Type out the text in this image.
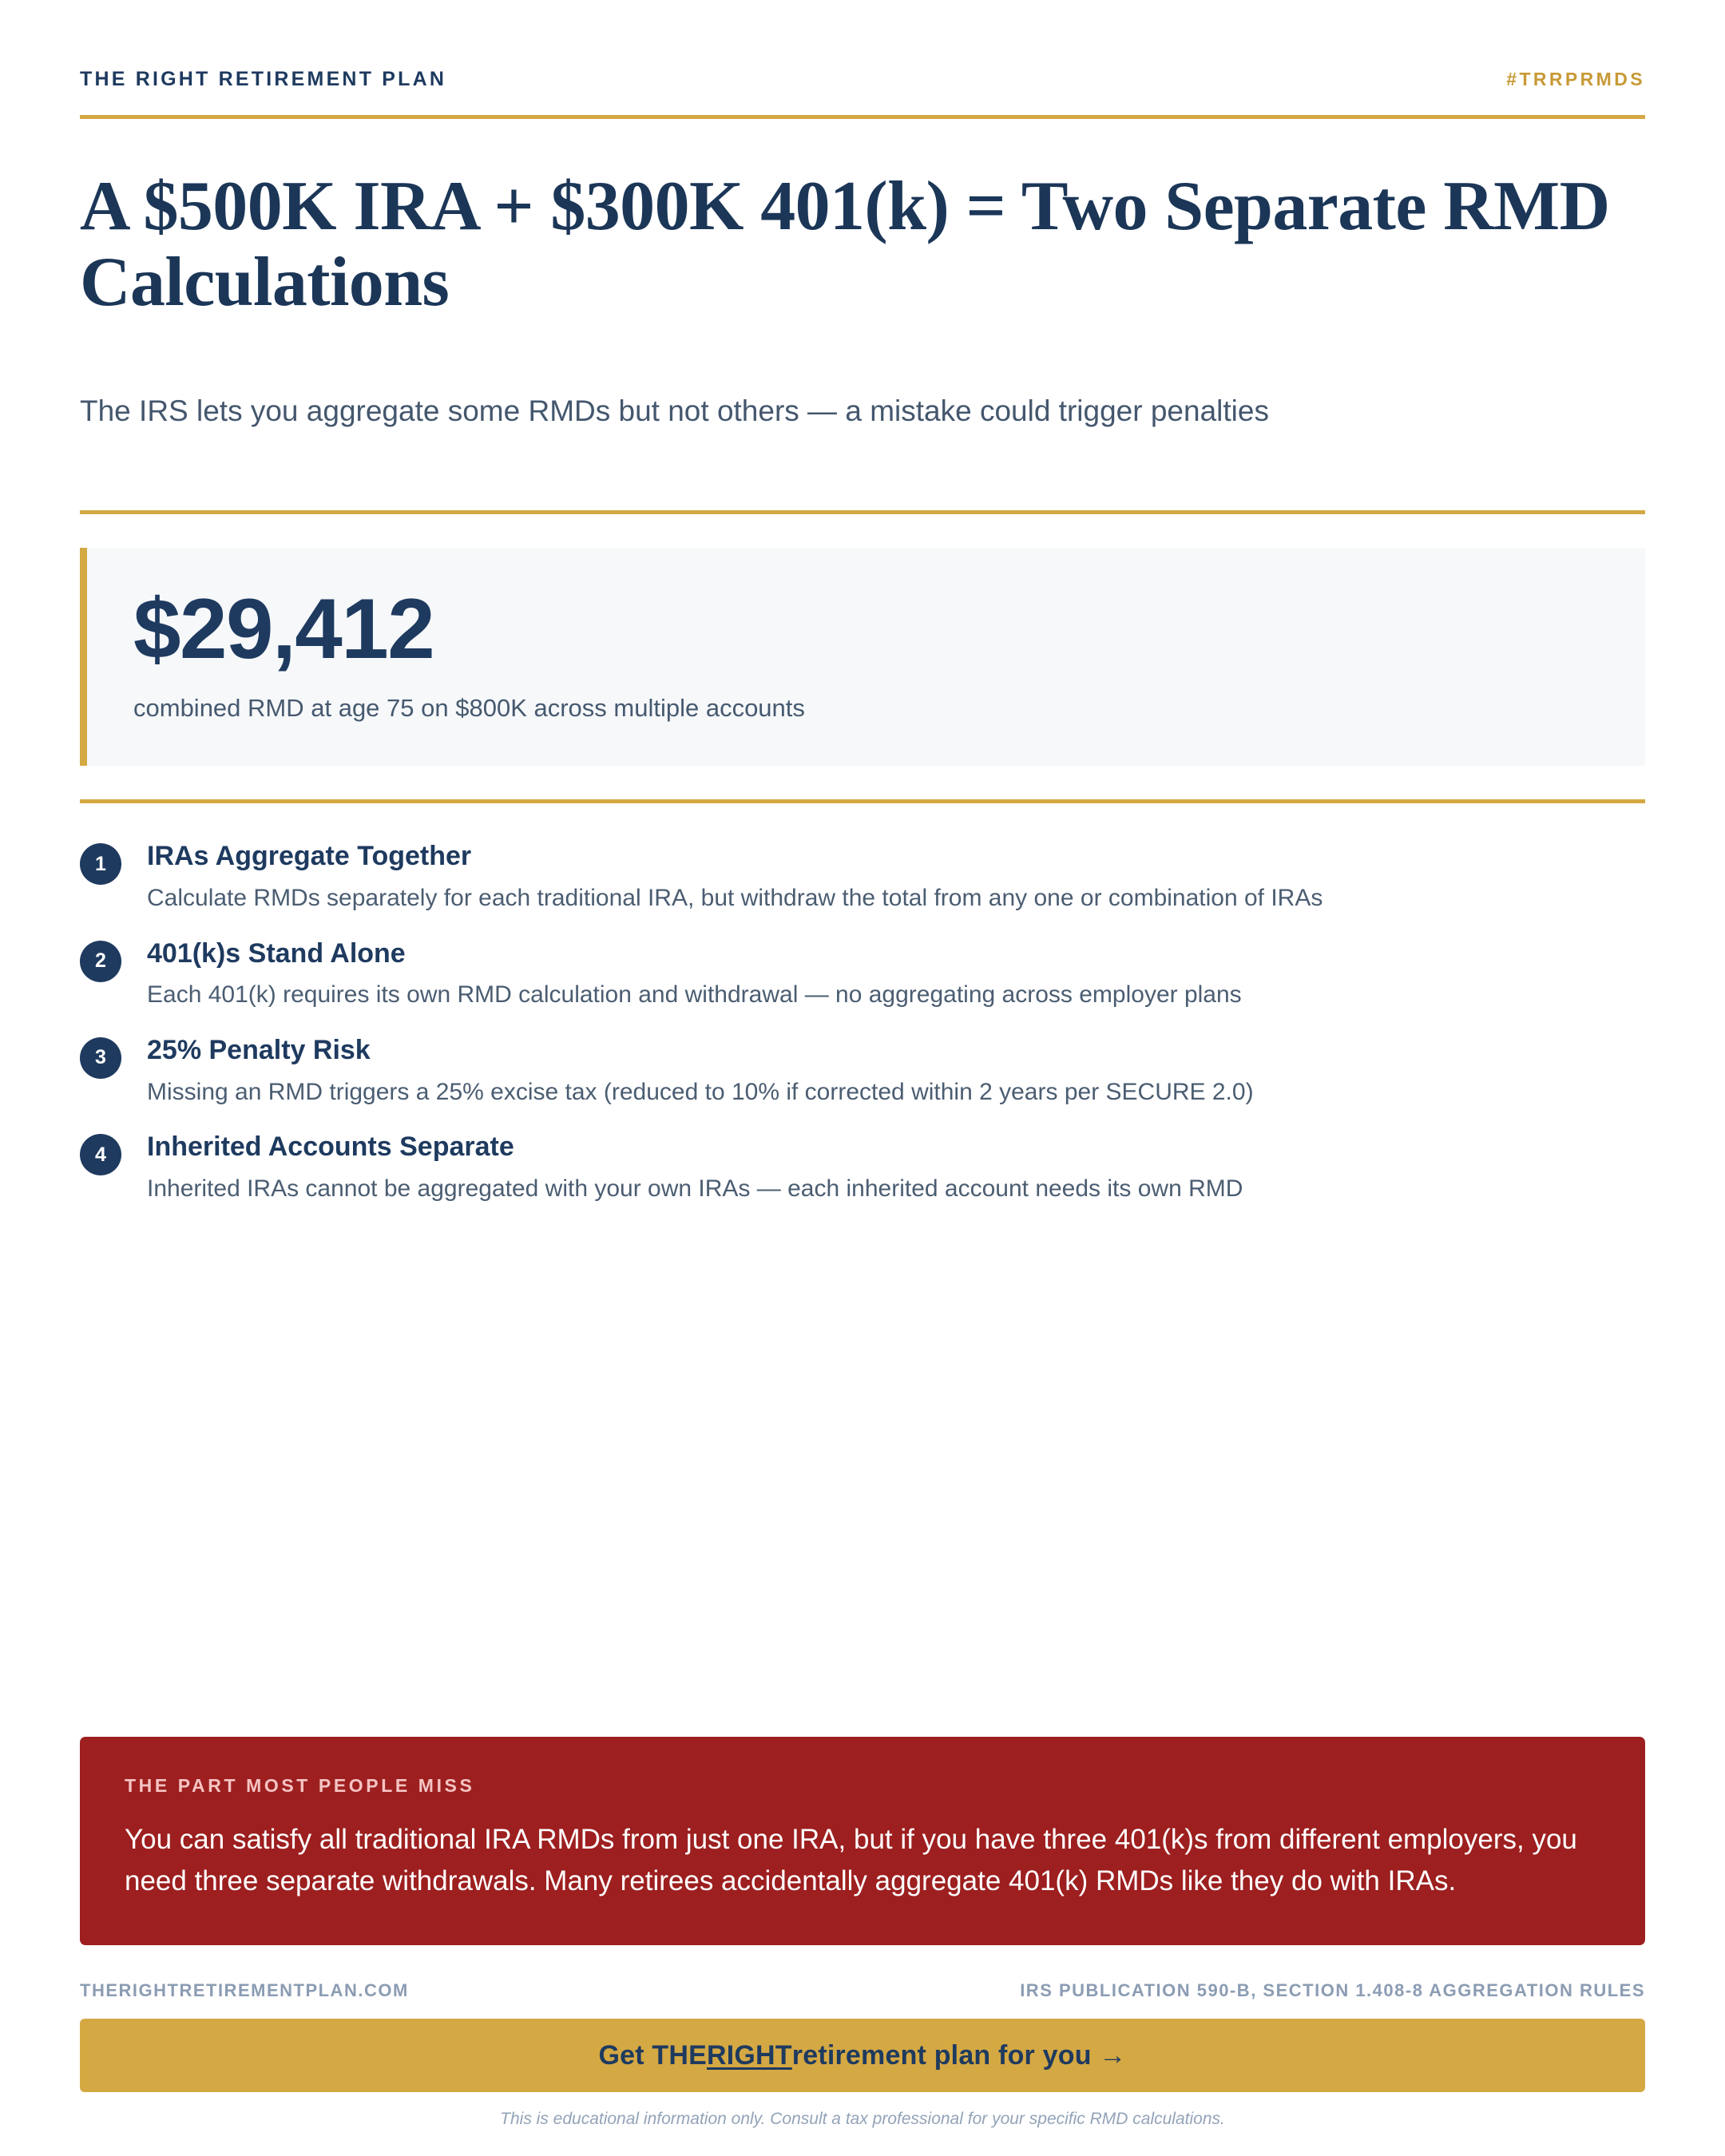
THE RIGHT RETIREMENT PLAN	#TRRPRMDS
A $500K IRA + $300K 401(k) = Two Separate RMD Calculations

The IRS lets you aggregate some RMDs but not others — a mistake could trigger penalties

$29,412
combined RMD at age 75 on $800K across multiple accounts
1	IRAs Aggregate Together
Calculate RMDs separately for each traditional IRA, but withdraw the total from any one or combination of IRAs
2	401(k)s Stand Alone
Each 401(k) requires its own RMD calculation and withdrawal — no aggregating across employer plans
3	25% Penalty Risk
Missing an RMD triggers a 25% excise tax (reduced to 10% if corrected within 2 years per SECURE 2.0)
4	Inherited Accounts Separate
Inherited IRAs cannot be aggregated with your own IRAs — each inherited account needs its own RMD
THE PART MOST PEOPLE MISS
You can satisfy all traditional IRA RMDs from just one IRA, but if you have three 401(k)s from different employers, you need three separate withdrawals. Many retirees accidentally aggregate 401(k) RMDs like they do with IRAs.
THERIGHTRETIREMENTPLAN.COM	IRS PUBLICATION 590-B, SECTION 1.408-8 AGGREGATION RULES
Get THE RIGHT retirement plan for you →
This is educational information only. Consult a tax professional for your specific RMD calculations.
